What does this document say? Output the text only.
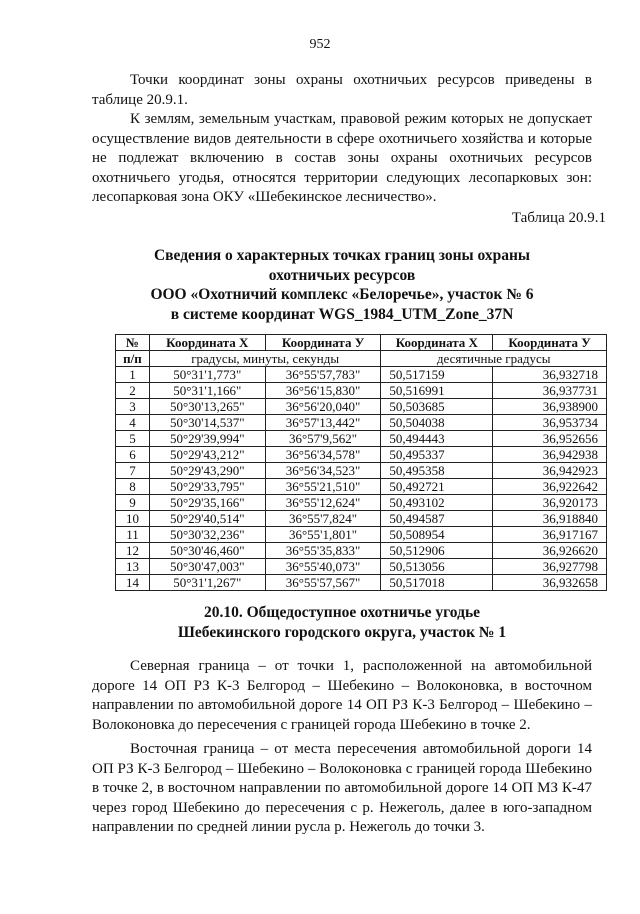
952
Точки координат зоны охраны охотничьих ресурсов приведены в таблице 20.9.1.
К землям, земельным участкам, правовой режим которых не допускает осуществление видов деятельности в сфере охотничьего хозяйства и которые не подлежат включению в состав зоны охраны охотничьих ресурсов охотничьего угодья, относятся территории следующих лесопарковых зон: лесопарковая зона ОКУ «Шебекинское лесничество».
Таблица 20.9.1
Сведения о характерных точках границ зоны охраны
охотничьих ресурсов
ООО «Охотничий комплекс «Белоречье», участок № 6
в системе координат WGS_1984_UTM_Zone_37N
№	Координата X	Координата У	Координата X	Координата У
п/п	градусы, минуты, секунды		десятичные градусы	
1	50°31'1,773"	36°55'57,783"	50,517159	36,932718
2	50°31'1,166"	36°56'15,830"	50,516991	36,937731
3	50°30'13,265"	36°56'20,040"	50,503685	36,938900
4	50°30'14,537"	36°57'13,442"	50,504038	36,953734
5	50°29'39,994"	36°57'9,562"	50,494443	36,952656
6	50°29'43,212"	36°56'34,578"	50,495337	36,942938
7	50°29'43,290"	36°56'34,523"	50,495358	36,942923
8	50°29'33,795"	36°55'21,510"	50,492721	36,922642
9	50°29'35,166"	36°55'12,624"	50,493102	36,920173
10	50°29'40,514"	36°55'7,824"	50,494587	36,918840
11	50°30'32,236"	36°55'1,801"	50,508954	36,917167
12	50°30'46,460"	36°55'35,833"	50,512906	36,926620
13	50°30'47,003"	36°55'40,073"	50,513056	36,927798
14	50°31'1,267"	36°55'57,567"	50,517018	36,932658
20.10. Общедоступное охотничье угодье
Шебекинского городского округа, участок № 1
Северная граница – от точки 1, расположенной на автомобильной дороге 14 ОП РЗ К-3 Белгород – Шебекино – Волоконовка, в восточном направлении по автомобильной дороге 14 ОП РЗ К-3 Белгород – Шебекино – Волоконовка до пересечения с границей города Шебекино в точке 2.
Восточная граница – от места пересечения автомобильной дороги 14 ОП РЗ К-3 Белгород – Шебекино – Волоконовка с границей города Шебекино в точке 2, в восточном направлении по автомобильной дороге 14 ОП МЗ К-47 через город Шебекино до пересечения с р. Нежеголь, далее в юго-западном направлении по средней линии русла р. Нежеголь до точки 3.
